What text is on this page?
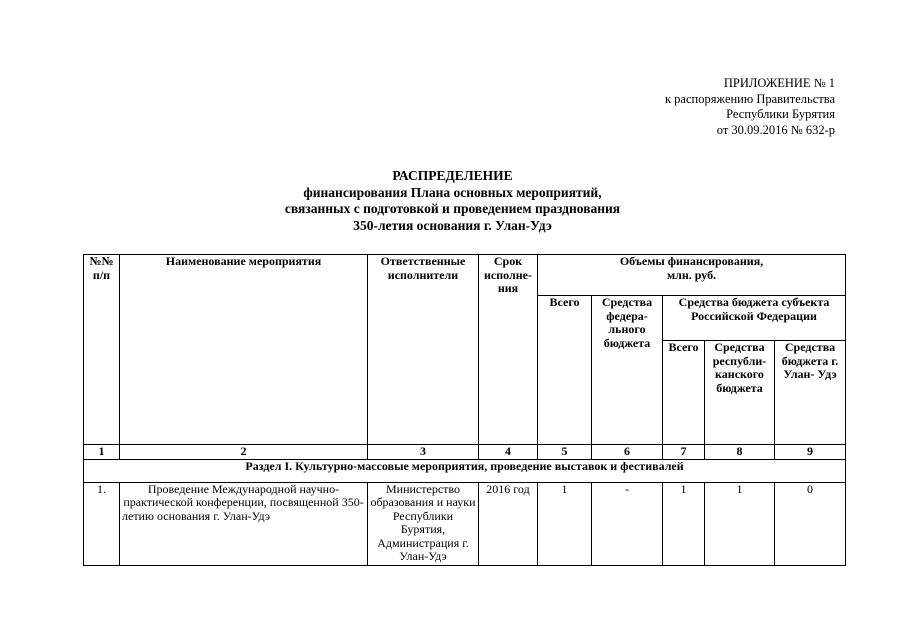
ПРИЛОЖЕНИЕ № 1
к распоряжению Правительства
Республики Бурятия
от 30.09.2016 № 632-р
РАСПРЕДЕЛЕНИЕ
финансирования Плана основных мероприятий,
связанных с подготовкой и проведением празднования
350-летия основания г. Улан-Удэ
№№ п/п	Наименование мероприятия	Ответственные исполнители	Срок исполне- ния	Объемы финансирования, млн. руб.				
				Всего	Средства федера- льного бюджета	Средства бюджета субъекта Российской Федерации		
						Всего	Средства республи- канского бюджета	Средства бюджета г. Улан- Удэ
1	2	3	4	5	6	7	8	9
Раздел I. Культурно-массовые мероприятия, проведение выставок и фестивалей								
1.	Проведение Международной научно-практической конференции, посвященной 350-летию основания г. Улан-Удэ	Министерство образования и науки Республики Бурятия, Администрация г. Улан-Удэ	2016 год	1	-	1	1	0
